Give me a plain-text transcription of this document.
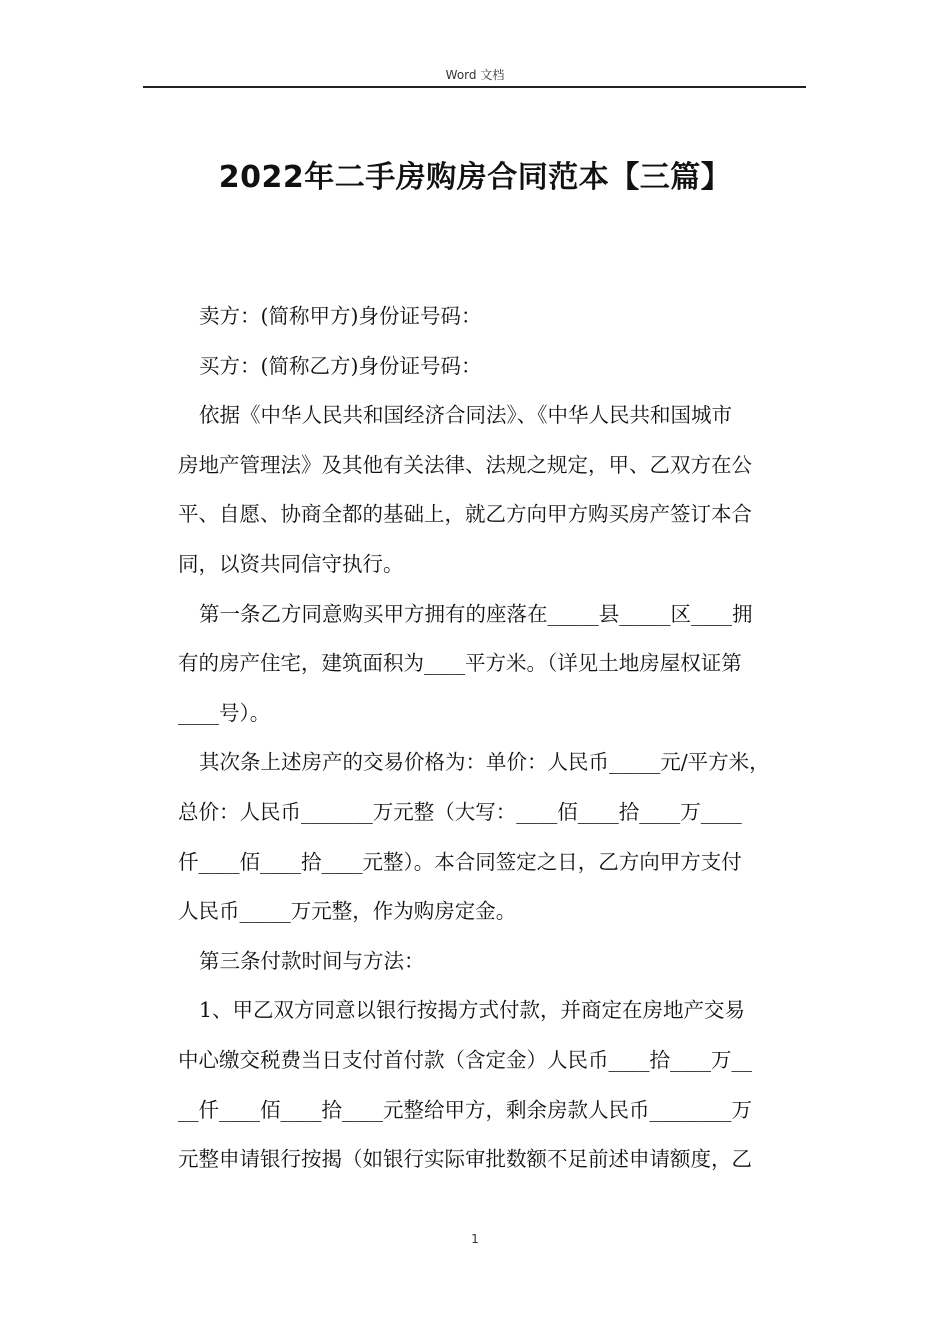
Word 文档
2022年二手房购房合同范本【三篇】
卖方：(简称甲方)身份证号码：
买方：(简称乙方)身份证号码：
依据《中华人民共和国经济合同法》、《中华人民共和国城市
房地产管理法》及其他有关法律、法规之规定，甲、乙双方在公
平、自愿、协商全都的基础上，就乙方向甲方购买房产签订本合
同，以资共同信守执行。
第一条乙方同意购买甲方拥有的座落在_____县_____区____拥
有的房产住宅，建筑面积为____平方米。（详见土地房屋权证第
____号）。
其次条上述房产的交易价格为：单价：人民币_____元/平方米，
总价：人民币_______万元整（大写：____佰____拾____万____
仟____佰____拾____元整）。本合同签定之日，乙方向甲方支付
人民币_____万元整，作为购房定金。
第三条付款时间与方法：
1、甲乙双方同意以银行按揭方式付款，并商定在房地产交易
中心缴交税费当日支付首付款（含定金）人民币____拾____万__
__仟____佰____拾____元整给甲方，剩余房款人民币________万
元整申请银行按揭（如银行实际审批数额不足前述申请额度，乙
1
